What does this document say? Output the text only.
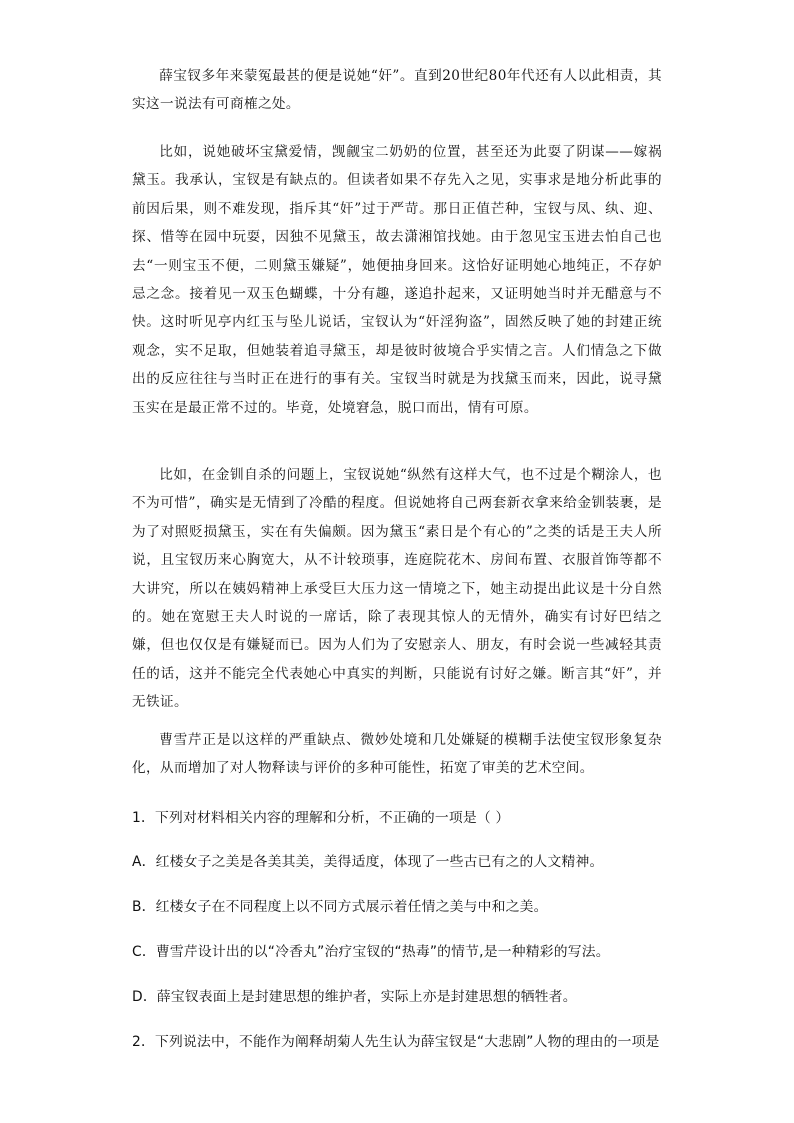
薛宝钗多年来蒙冤最甚的便是说她“奸”。直到20世纪80年代还有人以此相责，其实这一说法有可商榷之处。

比如，说她破坏宝黛爱情，觊觎宝二奶奶的位置，甚至还为此耍了阴谋——嫁祸黛玉。我承认，宝钗是有缺点的。但读者如果不存先入之见，实事求是地分析此事的前因后果，则不难发现，指斥其“奸”过于严苛。那日正值芒种，宝钗与凤、纨、迎、探、惜等在园中玩耍，因独不见黛玉，故去潇湘馆找她。由于忽见宝玉进去怕自己也去“一则宝玉不便，二则黛玉嫌疑”，她便抽身回来。这恰好证明她心地纯正，不存妒忌之念。接着见一双玉色蝴蝶，十分有趣，遂追扑起来，又证明她当时并无醋意与不快。这时听见亭内红玉与坠儿说话，宝钗认为“奸淫狗盗”，固然反映了她的封建正统观念，实不足取，但她装着追寻黛玉，却是彼时彼境合乎实情之言。人们情急之下做出的反应往往与当时正在进行的事有关。宝钗当时就是为找黛玉而来，因此，说寻黛玉实在是最正常不过的。毕竟，处境窘急，脱口而出，情有可原。

比如，在金钏自杀的问题上，宝钗说她“纵然有这样大气，也不过是个糊涂人，也不为可惜”，确实是无情到了冷酷的程度。但说她将自己两套新衣拿来给金钏装裹，是为了对照贬损黛玉，实在有失偏颇。因为黛玉“素日是个有心的”之类的话是王夫人所说，且宝钗历来心胸宽大，从不计较琐事，连庭院花木、房间布置、衣服首饰等都不大讲究，所以在姨妈精神上承受巨大压力这一情境之下，她主动提出此议是十分自然的。她在宽慰王夫人时说的一席话，除了表现其惊人的无情外，确实有讨好巴结之嫌，但也仅仅是有嫌疑而已。因为人们为了安慰亲人、朋友，有时会说一些减轻其责任的话，这并不能完全代表她心中真实的判断，只能说有讨好之嫌。断言其“奸”，并无铁证。

曹雪芹正是以这样的严重缺点、微妙处境和几处嫌疑的模糊手法使宝钗形象复杂化，从而增加了对人物释读与评价的多种可能性，拓宽了审美的艺术空间。

1．下列对材料相关内容的理解和分析，不正确的一项是（ ）

A．红楼女子之美是各美其美，美得适度，体现了一些古已有之的人文精神。

B．红楼女子在不同程度上以不同方式展示着任情之美与中和之美。

C．曹雪芹设计出的以“冷香丸”治疗宝钗的“热毒”的情节,是一种精彩的写法。

D．薛宝钗表面上是封建思想的维护者，实际上亦是封建思想的牺牲者。

2．下列说法中，不能作为阐释胡菊人先生认为薛宝钗是“大悲剧”人物的理由的一项是
